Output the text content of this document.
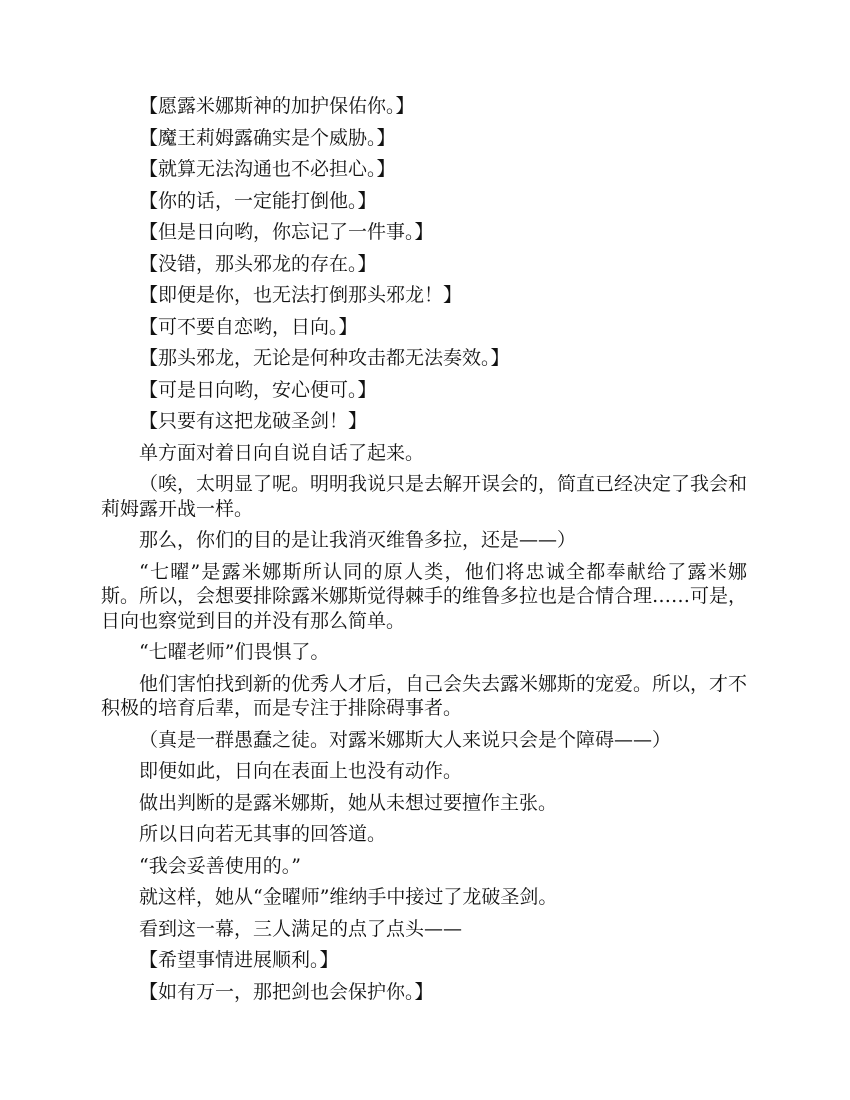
【愿露米娜斯神的加护保佑你。】

【魔王莉姆露确实是个威胁。】

【就算无法沟通也不必担心。】

【你的话，一定能打倒他。】

【但是日向哟，你忘记了一件事。】

【没错，那头邪龙的存在。】

【即便是你，也无法打倒那头邪龙！】

【可不要自恋哟，日向。】

【那头邪龙，无论是何种攻击都无法奏效。】

【可是日向哟，安心便可。】

【只要有这把龙破圣剑！】

单方面对着日向自说自话了起来。

（唉，太明显了呢。明明我说只是去解开误会的，简直已经决定了我会和莉姆露开战一样。

那么，你们的目的是让我消灭维鲁多拉，还是——）

“七曜”是露米娜斯所认同的原人类，他们将忠诚全都奉献给了露米娜斯。所以，会想要排除露米娜斯觉得棘手的维鲁多拉也是合情合理……可是，日向也察觉到目的并没有那么简单。

“七曜老师”们畏惧了。

他们害怕找到新的优秀人才后，自己会失去露米娜斯的宠爱。所以，才不积极的培育后辈，而是专注于排除碍事者。

（真是一群愚蠢之徒。对露米娜斯大人来说只会是个障碍——）

即便如此，日向在表面上也没有动作。

做出判断的是露米娜斯，她从未想过要擅作主张。

所以日向若无其事的回答道。

“我会妥善使用的。”

就这样，她从“金曜师”维纳手中接过了龙破圣剑。

看到这一幕，三人满足的点了点头——

【希望事情进展顺利。】

【如有万一，那把剑也会保护你。】
